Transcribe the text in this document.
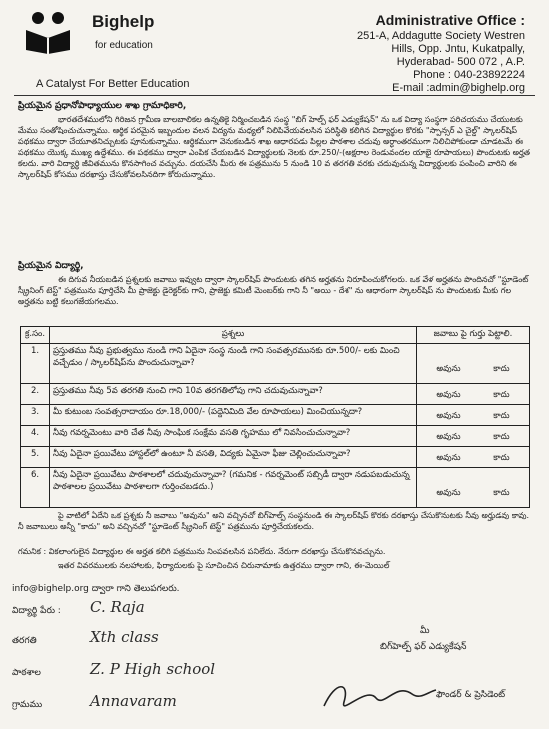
Bighelp
for education
A Catalyst For Better Education
Administrative Office :
251-A, Addagutte Society Westren
Hills, Opp. Jntu, Kukatpally,
Hyderabad- 500 072 , A.P.
Phone : 040-23892224
E-mail :admin@bighelp.org
ప్రియమైన ప్రధానోపాధ్యాయుల శాఖ గ్రామాధికారి,
భారతదేశములోని గిరిజన గ్రామీణ బాలబాలికల ఉన్నతికై నిర్మించబడిన సంస్థ "బిగ్ హెల్ప్ ఫర్ ఎడ్యుకేషన్" ను ఒక విద్యా సంస్థగా పరిచయము చేయుటకు మేము సంతోషించుచున్నాము. ఆర్థిక పరమైన ఇబ్బందుల వలన విద్యను మధ్యలో నిలిపివేయవలసిన పరిస్థితి కలిగిన విద్యార్థుల కొరకు "స్పాన్సర్ ఎ చైల్డ్" స్కాలర్‌షిప్ పథకము ద్వారా చేయూతనిచ్చుటకు పూనుకున్నాము. ఆర్థికముగా వెనుకబడిన శాఖ ఆధారపడు పిల్లల పాఠశాల చదువు అర్ధాంతరముగా నిలిచిపోకుండా చూడటమే ఈ పథకము యొక్క ముఖ్య ఉద్దేశము. ఈ పథకము ద్వారా ఎంపిక చేయబడిన విద్యార్థులకు నెలకు రూ.250/-(అక్షరాల రెండువందల యాభై రూపాయలు) పొందుటకు అర్హత కలదు. వారి విద్యార్థి జీవితమును కొనసాగించ వచ్చును. దయచేసి మీరు ఈ పత్రమును 5 నుండి 10 వ తరగతి వరకు చదువుచున్న విద్యార్థులకు పంపించి వారిని ఈ స్కాలర్‌షిప్ కోసము దరఖాస్తు చేసుకోవలసినదిగా కోరుచున్నాము.
ప్రియమైన విద్యార్థి,
ఈ దిగువ నీయబడిన ప్రశ్నలకు జవాబు ఇవ్వుట ద్వారా స్కాలర్‌షిప్ పొందుటకు తగిన అర్హతను నిరూపించుకోగలరు. ఒక వేళ అర్హతను పొందినచో "స్టూడెంట్ స్క్రీనింగ్ టెస్ట్" పత్రమును పూర్తిచేసి మీ ప్రాజెక్టు డైరెక్టర్‌కు గాని, ప్రాజెక్టు కమిటీ మెంబర్‌కు గాని నీ "అయి - దేశ" ను ఆధారంగా స్కాలర్‌షిప్ ను పొందుటకు మీకు గల అర్హతను బట్టి కలుగజేయగలము.
క్ర.సం.	ప్రశ్నలు	జవాబు పై గుర్తు పెట్టాలి.
1.	ప్రస్తుతము నీవు ప్రభుత్వము నుండి గాని ఏదైనా సంస్థ నుండి గాని సంవత్సరమునకు రూ.500/- లకు మించి వచ్చేడుం / స్కాలర్‌షిప్‌ను పొందుచున్నావా?	అవును కాదు

2.	ప్రస్తుతము నీవు 5వ తరగతి నుంచి గాని 10వ తరగతిలోపు గాని చదువుచున్నావా?	అవును కాదు

3.	మీ కుటుంబ సంవత్సరాదాయం రూ.18,000/- (పద్దెనిమిది వేల రూపాయలు) మించియున్నదా?	అవును కాదు

4.	నీవు గవర్నమెంటు వారి చేత నీవు సాంఘిక సంక్షేమ వసతి గృహము లో నివసించుచున్నావా?	అవును కాదు

5.	నీవు ఏదైనా ప్రయివేటు హాస్టల్‌లో ఉంటూ నీ వసతి, విద్యకు ఏమైనా ఫీజు చెల్లించుచున్నావా?	అవును కాదు

6.	నీవు ఏదైనా ప్రయివేటు పాఠశాలలో చదువుచున్నావా? (గమనిక - గవర్నమెంట్ సబ్సిడీ ద్వారా నడుపబడుచున్న పాఠశాలల ప్రయివేటు పాఠశాలగా గుర్తించబడదు.)	అవును కాదు
పై వాటిలో ఏదేని ఒక ప్రశ్నకు నీ జవాబు "అవును" అని వచ్చినచో బిగ్‌హెల్ప్ సంస్థనుండి ఈ స్కాలర్‌షిప్ కొరకు దరఖాస్తు చేసుకొనుటకు నీవు అర్హుడవు కావు. నీ జవాబులు అన్నీ "కాదు" అని వచ్చినచో "స్టూడెంట్ స్క్రీనింగ్ టెస్ట్" పత్రమును పూర్తిచేయకలదు.
గమనిక : వికలాంగులైన విద్యార్థుల ఈ అర్హత కలిగి పత్రమును నింపవలసిన పనిలేదు. నేరుగా దరఖాస్తు చేసుకొనవచ్చును.
ఇతర వివరములకు నలహాలకు, ఫిర్యాదులకు పై సూచించిన చిరునామాకు ఉత్తరము ద్వారా గాని, ఈ-మెయిల్
info@bighelp.org ద్వారా గాని తెలుపగలరు.
విద్యార్థి పేరు : C. Raja
తరగతి	Xth class
పాఠశాల	Z. P High school
గ్రామము	Annavaram
మీ
బిగ్‌హెల్ప్ ఫర్ ఎడ్యుకేషన్
ఫౌండర్ & ప్రెసిడెంట్
